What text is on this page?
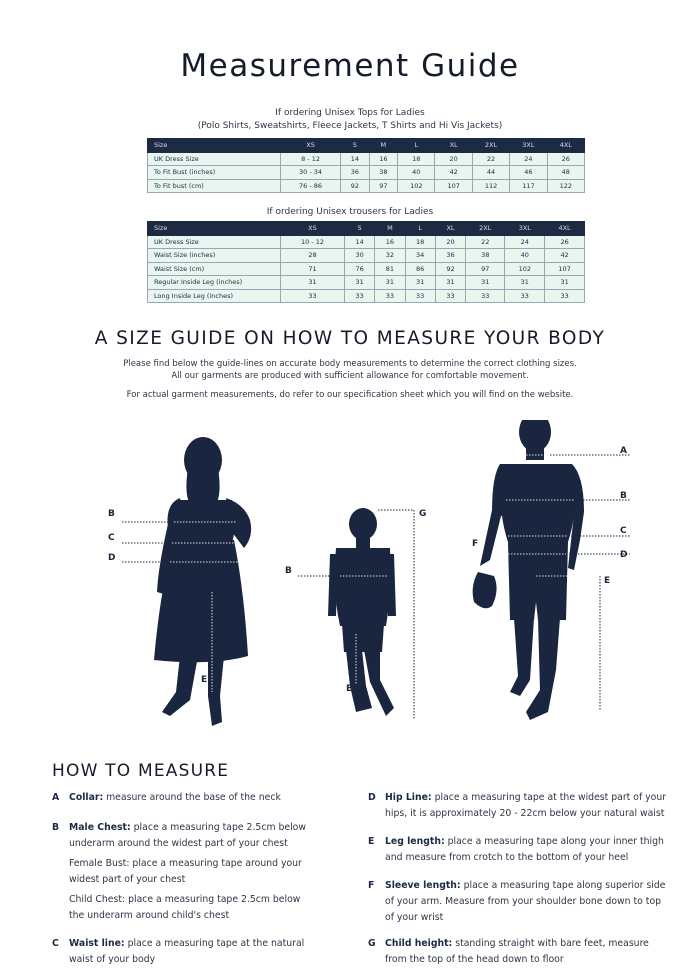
Measurement Guide
If ordering Unisex Tops for Ladies
(Polo Shirts, Sweatshirts, Fleece Jackets, T Shirts and Hi Vis Jackets)
Size	XS	S	M	L	XL	2XL	3XL	4XL
UK Dress Size	8 - 12	14	16	18	20	22	24	26
To Fit Bust (inches)	30 - 34	36	38	40	42	44	46	48
To Fit bust (cm)	76 - 86	92	97	102	107	112	117	122
If ordering Unisex trousers for Ladies
Size	XS	S	M	L	XL	2XL	3XL	4XL
UK Dress Size	10 - 12	14	16	18	20	22	24	26
Waist Size (inches)	28	30	32	34	36	38	40	42
Waist Size (cm)	71	76	81	86	92	97	102	107
Regular Inside Leg (inches)	31	31	31	31	31	31	31	31
Long Inside Leg (inches)	33	33	33	33	33	33	33	33
A SIZE GUIDE ON HOW TO MEASURE YOUR BODY
Please find below the guide-lines on accurate body measurements to determine the correct clothing sizes.
All our garments are produced with sufficient allowance for comfortable movement.
For actual garment measurements, do refer to our specification sheet which you will find on the website.
B
C
D
E
B
E
G
A
B
C
D
E
F
HOW TO MEASURE
A Collar: measure around the base of the neck
B Male Chest: place a measuring tape 2.5cm below
underarm around the widest part of your chest
Female Bust: place a measuring tape around your
widest part of your chest
Child Chest: place a measuring tape 2.5cm below
the underarm around child's chest
C Waist line: place a measuring tape at the natural
waist of your body
D Hip Line: place a measuring tape at the widest part of your
hips, it is approximately 20 - 22cm below your natural waist
E Leg length: place a measuring tape along your inner thigh
and measure from crotch to the bottom of your heel
F Sleeve length: place a measuring tape along superior side
of your arm. Measure from your shoulder bone down to top
of your wrist
G Child height: standing straight with bare feet, measure
from the top of the head down to floor
